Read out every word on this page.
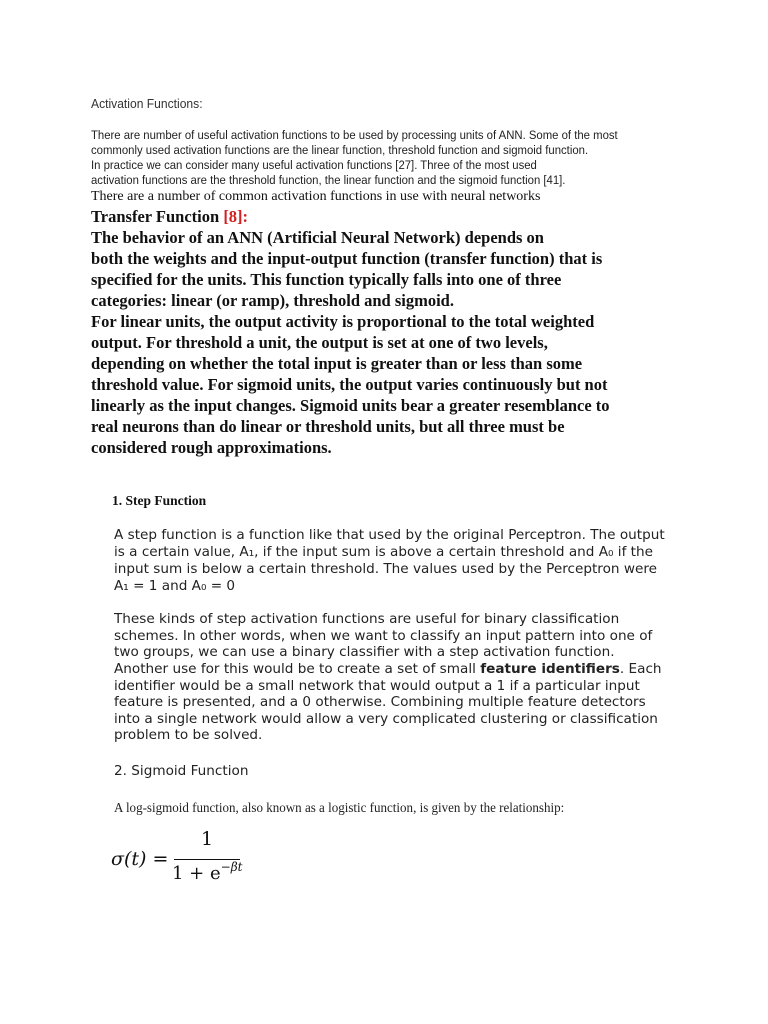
Activation Functions:
There are number of useful activation functions to be used by processing units of ANN. Some of the most
commonly used activation functions are the linear function, threshold function and sigmoid function.
In practice we can consider many useful activation functions [27]. Three of the most used
activation functions are the threshold function, the linear function and the sigmoid function [41].
There are a number of common activation functions in use with neural networks
Transfer Function [8]:
The behavior of an ANN (Artificial Neural Network) depends on
both the weights and the input-output function (transfer function) that is
specified for the units. This function typically falls into one of three
categories: linear (or ramp), threshold and sigmoid.
For linear units, the output activity is proportional to the total weighted
output. For threshold a unit, the output is set at one of two levels,
depending on whether the total input is greater than or less than some
threshold value. For sigmoid units, the output varies continuously but not
linearly as the input changes. Sigmoid units bear a greater resemblance to
real neurons than do linear or threshold units, but all three must be
considered rough approximations.
1. Step Function
A step function is a function like that used by the original Perceptron. The output
is a certain value, A₁, if the input sum is above a certain threshold and A₀ if the
input sum is below a certain threshold. The values used by the Perceptron were
A₁ = 1 and A₀ = 0
These kinds of step activation functions are useful for binary classification
schemes. In other words, when we want to classify an input pattern into one of
two groups, we can use a binary classifier with a step activation function.
Another use for this would be to create a set of small feature identifiers. Each
identifier would be a small network that would output a 1 if a particular input
feature is presented, and a 0 otherwise. Combining multiple feature detectors
into a single network would allow a very complicated clustering or classification
problem to be solved.
2. Sigmoid Function
A log-sigmoid function, also known as a logistic function, is given by the relationship:
σ(t) =
1
$1 + e^{-\beta t}$
